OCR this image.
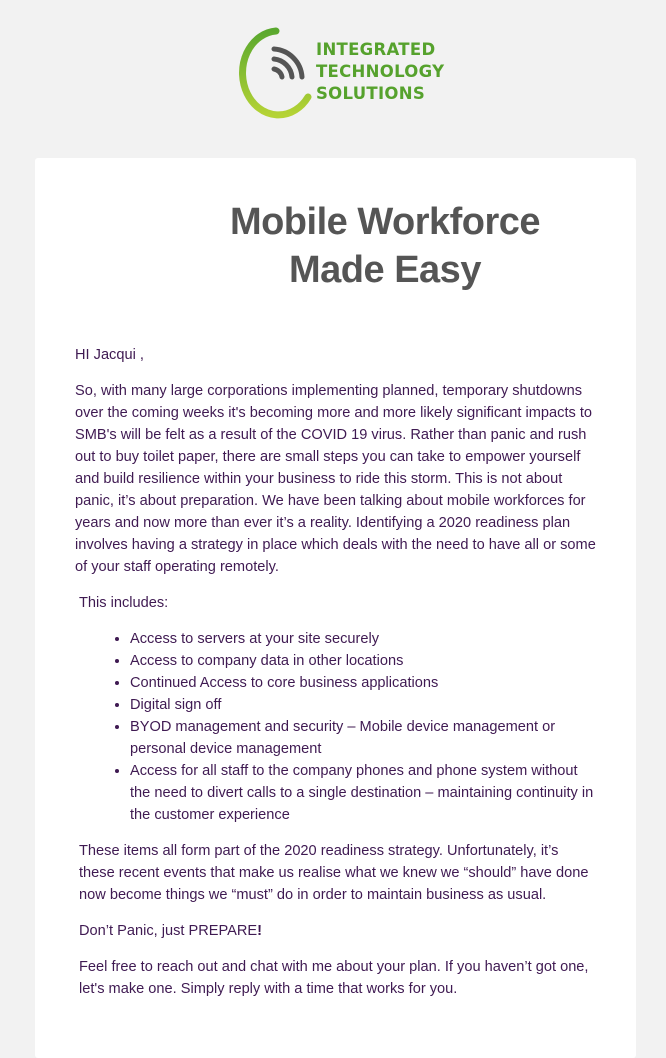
INTEGRATED
TECHNOLOGY
SOLUTIONS
Mobile Workforce
Made Easy

HI Jacqui ,

So, with many large corporations implementing planned, temporary shutdowns over the coming weeks it's becoming more and more likely significant impacts to SMB's will be felt as a result of the COVID 19 virus. Rather than panic and rush out to buy toilet paper, there are small steps you can take to empower yourself and build resilience within your business to ride this storm. This is not about panic, it’s about preparation. We have been talking about mobile workforces for years and now more than ever it’s a reality. Identifying a 2020 readiness plan involves having a strategy in place which deals with the need to have all or some of your staff operating remotely.

This includes:

• Access to servers at your site securely
• Access to company data in other locations
• Continued Access to core business applications
• Digital sign off
• BYOD management and security – Mobile device management or personal device management
• Access for all staff to the company phones and phone system without the need to divert calls to a single destination – maintaining continuity in the customer experience

These items all form part of the 2020 readiness strategy. Unfortunately, it’s these recent events that make us realise what we knew we “should” have done now become things we “must” do in order to maintain business as usual.

Don’t Panic, just PREPARE!

Feel free to reach out and chat with me about your plan. If you haven’t got one, let's make one. Simply reply with a time that works for you.
